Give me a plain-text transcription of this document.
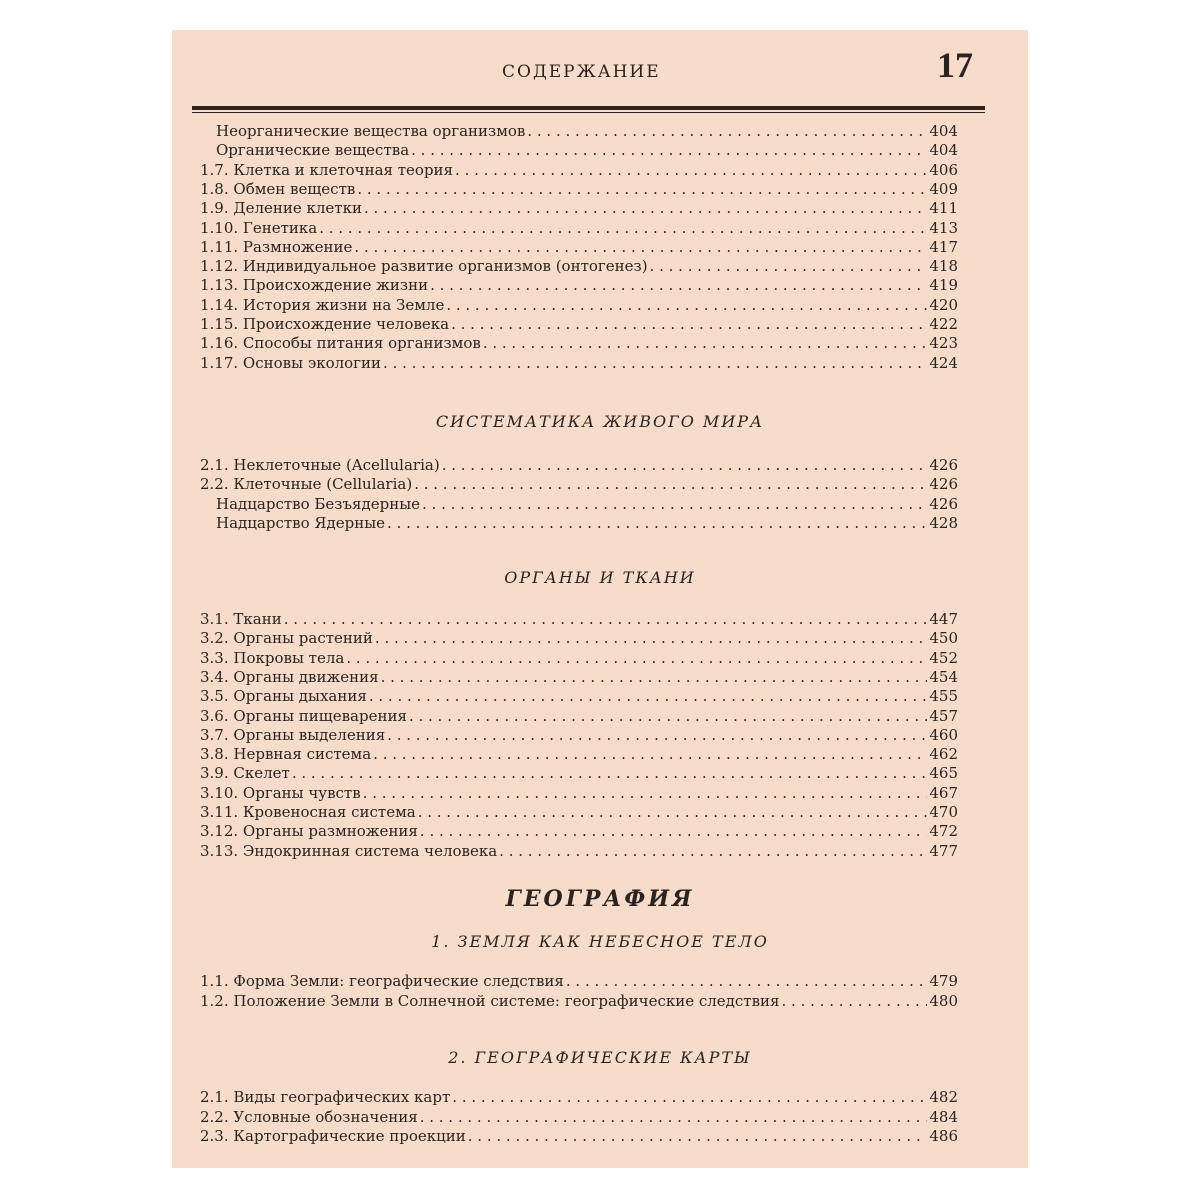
СОДЕРЖАНИЕ	17
Неорганические вещества организмов . . .	404
Органические вещества . . .	404
1.7. Клетка и клеточная теория . . .	406
1.8. Обмен веществ . . .	409
1.9. Деление клетки . . .	411
1.10. Генетика . . .	413
1.11. Размножение . . .	417
1.12. Индивидуальное развитие организмов (онтогенез) . . .	418
1.13. Происхождение жизни . . .	419
1.14. История жизни на Земле . . .	420
1.15. Происхождение человека . . .	422
1.16. Способы питания организмов . . .	423
1.17. Основы экологии . . .	424
2.1. Неклеточные (Acellularia) . . .	426
2.2. Клеточные (Cellularia) . . .	426
Надцарство Безъядерные . . .	426
Надцарство Ядерные . . .	428
3.1. Ткани . . .	447
3.2. Органы растений . . .	450
3.3. Покровы тела . . .	452
3.4. Органы движения . . .	454
3.5. Органы дыхания . . .	455
3.6. Органы пищеварения . . .	457
3.7. Органы выделения . . .	460
3.8. Нервная система . . .	462
3.9. Скелет . . .	465
3.10. Органы чувств . . .	467
3.11. Кровеносная система . . .	470
3.12. Органы размножения . . .	472
3.13. Эндокринная система человека . . .	477
1.1. Форма Земли: географические следствия . . .	479
1.2. Положение Земли в Солнечной системе: географические следствия . . .	480
2.1. Виды географических карт . . .	482
2.2. Условные обозначения . . .	484
2.3. Картографические проекции . . .	486
СИСТЕМАТИКА ЖИВОГО МИРА
ОРГАНЫ И ТКАНИ
ГЕОГРАФИЯ
1. ЗЕМЛЯ КАК НЕБЕСНОЕ ТЕЛО
2. ГЕОГРАФИЧЕСКИЕ КАРТЫ
